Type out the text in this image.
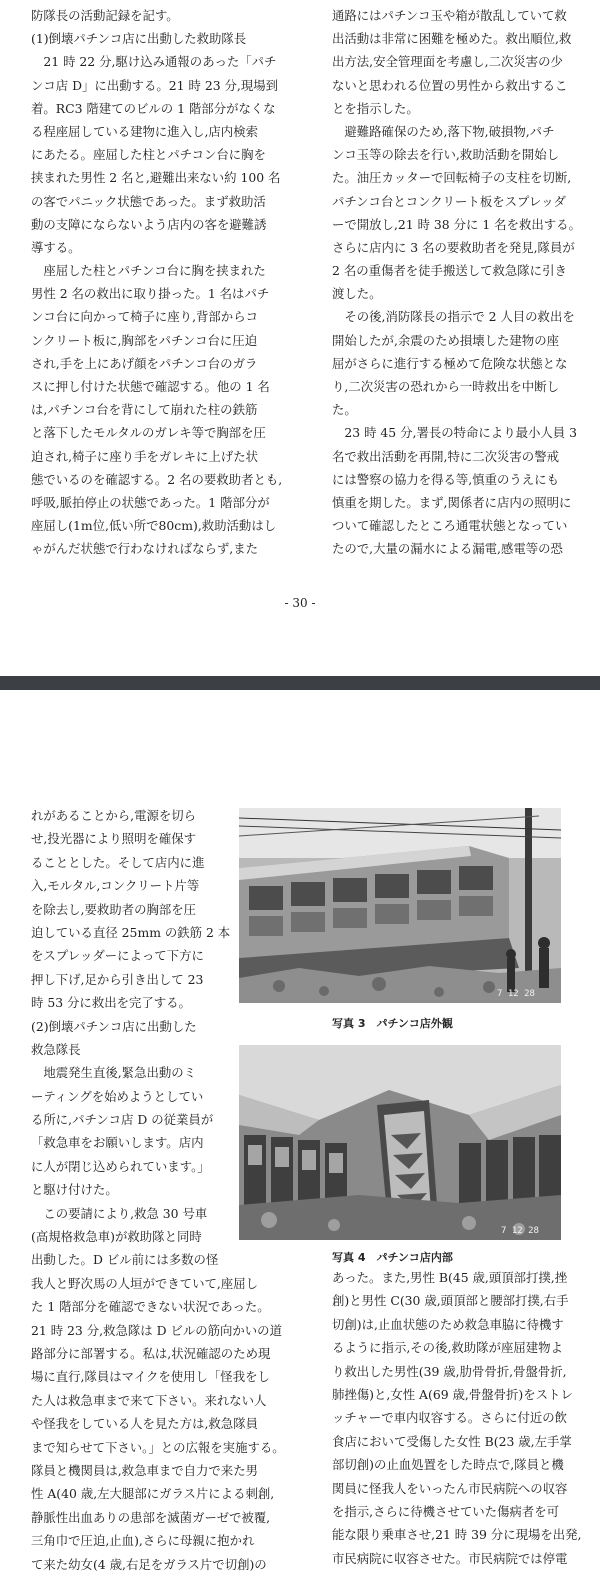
防隊長の活動記録を記す。
(1)倒壊パチンコ店に出動した救助隊長
　21 時 22 分,駆け込み通報のあった「パチ
ンコ店 D」に出動する。21 時 23 分,現場到
着。RC3 階建てのビルの 1 階部分がなくな
る程座屈している建物に進入し,店内検索
にあたる。座屈した柱とパチコン台に胸を
挟まれた男性 2 名と,避難出来ない約 100 名
の客でパニック状態であった。まず救助活
動の支障にならないよう店内の客を避難誘
導する。
　座屈した柱とパチンコ台に胸を挟まれた
男性 2 名の救出に取り掛った。1 名はパチ
ンコ台に向かって椅子に座り,背部からコ
ンクリート板に,胸部をパチンコ台に圧迫
され,手を上にあげ顔をパチンコ台のガラ
スに押し付けた状態で確認する。他の 1 名
は,パチンコ台を背にして崩れた柱の鉄筋
と落下したモルタルのガレキ等で胸部を圧
迫され,椅子に座り手をガレキに上げた状
態でいるのを確認する。2 名の要救助者とも,
呼吸,脈拍停止の状態であった。1 階部分が
座屈し(1m位,低い所で80cm),救助活動はし
ゃがんだ状態で行わなければならず,また
通路にはパチンコ玉や箱が散乱していて救
出活動は非常に困難を極めた。救出順位,救
出方法,安全管理面を考慮し,二次災害の少
ないと思われる位置の男性から救出するこ
とを指示した。
　避難路確保のため,落下物,破損物,パチ
ンコ玉等の除去を行い,救助活動を開始し
た。油圧カッターで回転椅子の支柱を切断,
パチンコ台とコンクリート板をスプレッダ
ーで開放し,21 時 38 分に 1 名を救出する。
さらに店内に 3 名の要救助者を発見,隊員が
2 名の重傷者を徒手搬送して救急隊に引き
渡した。
　その後,消防隊長の指示で 2 人目の救出を
開始したが,余震のため損壊した建物の座
屈がさらに進行する極めて危険な状態とな
り,二次災害の恐れから一時救出を中断し
た。
　23 時 45 分,署長の特命により最小人員 3
名で救出活動を再開,特に二次災害の警戒
には警察の協力を得る等,慎重のうえにも
慎重を期した。まず,関係者に店内の照明に
ついて確認したところ通電状態となってい
たので,大量の漏水による漏電,感電等の恐
- 30 -
れがあることから,電源を切ら
せ,投光器により照明を確保す
ることとした。そして店内に進
入,モルタル,コンクリート片等
を除去し,要救助者の胸部を圧
迫している直径 25mm の鉄筋 2 本
をスプレッダーによって下方に
押し下げ,足から引き出して 23
時 53 分に救出を完了する。
(2)倒壊パチンコ店に出動した
救急隊長
　地震発生直後,緊急出動のミ
ーティングを始めようとしてい
る所に,パチンコ店 D の従業員が
「救急車をお願いします。店内
に人が閉じ込められています。」
と駆け付けた。
　この要請により,救急 30 号車
(高規格救急車)が救助隊と同時
出動した。D ビル前には多数の怪
我人と野次馬の人垣ができていて,座屈し
た 1 階部分を確認できない状況であった。
21 時 23 分,救急隊は D ビルの筋向かいの道
路部分に部署する。私は,状況確認のため現
場に直行,隊員はマイクを使用し「怪我をし
た人は救急車まで来て下さい。来れない人
や怪我をしている人を見た方は,救急隊員
まで知らせて下さい。」との広報を実施する。
隊員と機関員は,救急車まで自力で来た男
性 A(40 歳,左大腿部にガラス片による刺創,
静脈性出血ありの患部を滅菌ガーゼで被覆,
三角巾で圧迫,止血),さらに母親に抱かれ
て来た幼女(4 歳,右足をガラス片で切創)の
7 12 28
写真 3　パチンコ店外観
7 12 28
写真 4　パチンコ店内部
あった。また,男性 B(45 歳,頭頂部打撲,挫
創)と男性 C(30 歳,頭頂部と腰部打撲,右手
切創)は,止血状態のため救急車脇に待機す
るように指示,その後,救助隊が座屈建物よ
り救出した男性(39 歳,肋骨骨折,骨盤骨折,
肺挫傷)と,女性 A(69 歳,骨盤骨折)をストレ
ッチャーで車内収容する。さらに付近の飲
食店において受傷した女性 B(23 歳,左手掌
部切創)の止血処置をした時点で,隊員と機
関員に怪我人をいったん市民病院への収容
を指示,さらに待機させていた傷病者を可
能な限り乗車させ,21 時 39 分に現場を出発,
市民病院に収容させた。市民病院では停電
